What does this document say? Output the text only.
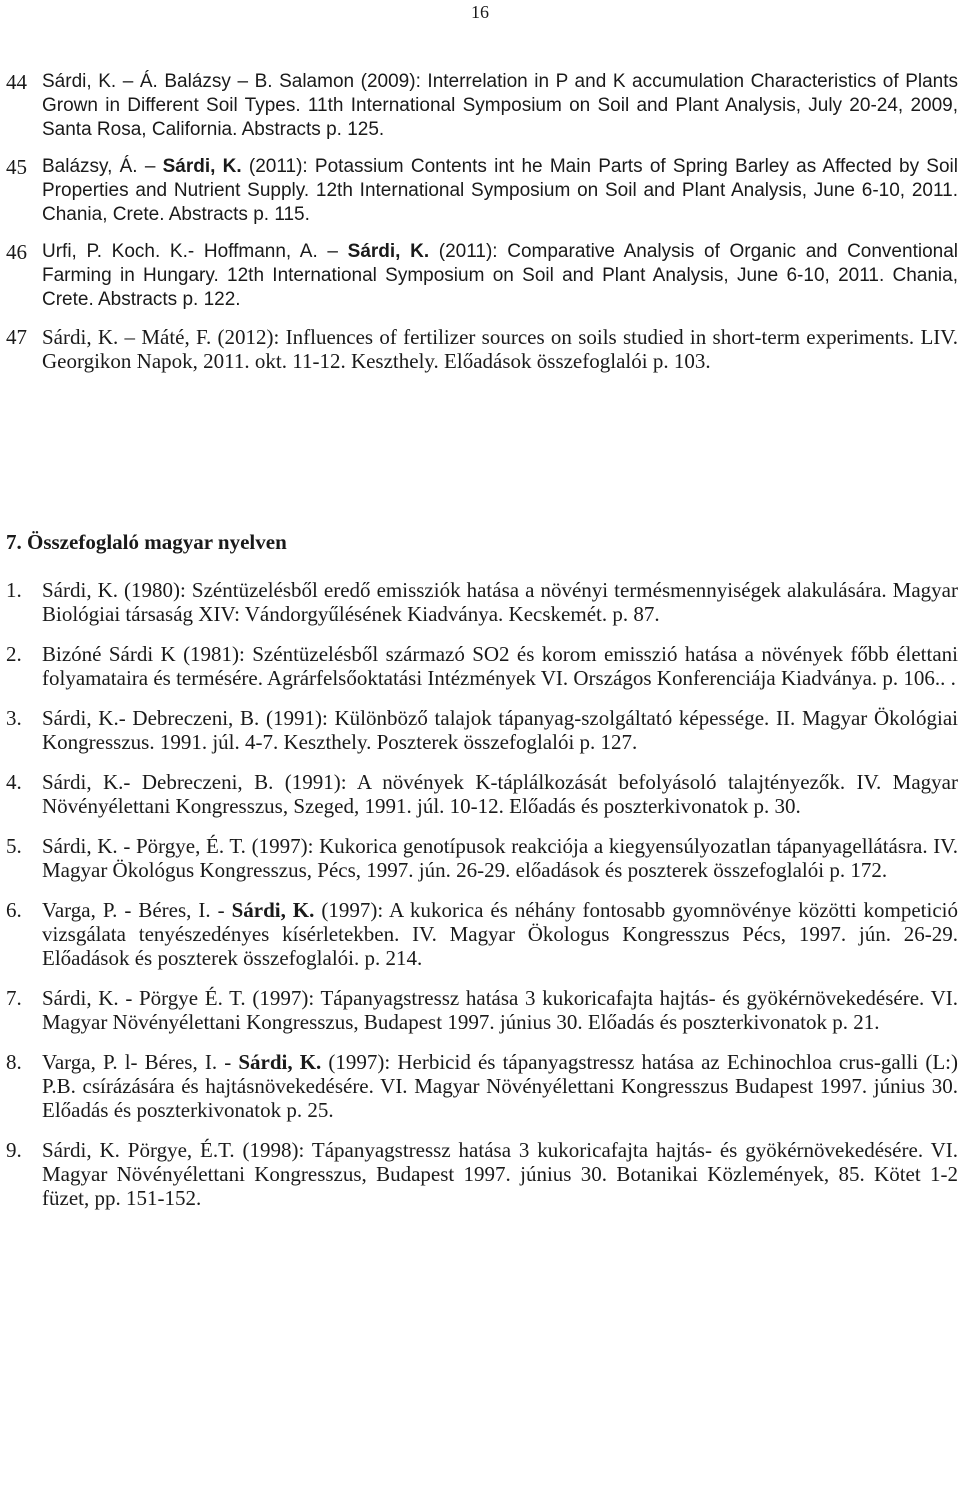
16
44 Sárdi, K. – Á. Balázsy – B. Salamon (2009): Interrelation in P and K accumulation Characteristics of Plants Grown in Different Soil Types. 11th International Symposium on Soil and Plant Analysis, July 20-24, 2009, Santa Rosa, California. Abstracts p. 125.
45 Balázsy, Á. – Sárdi, K. (2011): Potassium Contents int he Main Parts of Spring Barley as Affected by Soil Properties and Nutrient Supply. 12th International Symposium on Soil and Plant Analysis, June 6-10, 2011. Chania, Crete. Abstracts p. 115.
46 Urfi, P. Koch. K.- Hoffmann, A. – Sárdi, K. (2011): Comparative Analysis of Organic and Conventional Farming in Hungary. 12th International Symposium on Soil and Plant Analysis, June 6-10, 2011. Chania, Crete. Abstracts p. 122.
47 Sárdi, K. – Máté, F. (2012): Influences of fertilizer sources on soils studied in short-term experiments. LIV. Georgikon Napok, 2011. okt. 11-12. Keszthely. Előadások összefoglalói p. 103.
7. Összefoglaló magyar nyelven
1. Sárdi, K. (1980): Széntüzelésből eredő emissziók hatása a növényi termésmennyiségek alakulására. Magyar Biológiai társaság XIV: Vándorgyűlésének Kiadványa. Kecskemét. p. 87.
2. Bizóné Sárdi K (1981): Széntüzelésből származó SO2 és korom emisszió hatása a növények főbb élettani folyamataira és termésére. Agrárfelsőoktatási Intézmények VI. Országos Konferenciája Kiadványa. p. 106.. .
3. Sárdi, K.- Debreczeni, B. (1991): Különböző talajok tápanyag-szolgáltató képessége. II. Magyar Ökológiai Kongresszus. 1991. júl. 4-7. Keszthely. Poszterek összefoglalói p. 127.
4. Sárdi, K.- Debreczeni, B. (1991): A növények K-táplálkozását befolyásoló talajtényezők. IV. Magyar Növényélettani Kongresszus, Szeged, 1991. júl. 10-12. Előadás és poszterkivonatok p. 30.
5. Sárdi, K. - Pörgye, É. T. (1997): Kukorica genotípusok reakciója a kiegyensúlyozatlan tápanyagellátásra. IV. Magyar Ökológus Kongresszus, Pécs, 1997. jún. 26-29. előadások és poszterek összefoglalói p. 172.
6. Varga, P. - Béres, I. - Sárdi, K. (1997): A kukorica és néhány fontosabb gyomnövénye közötti kompetició vizsgálata tenyészedényes kísérletekben. IV. Magyar Ökologus Kongresszus Pécs, 1997. jún. 26-29. Előadások és poszterek összefoglalói. p. 214.
7. Sárdi, K. - Pörgye É. T. (1997): Tápanyagstressz hatása 3 kukoricafajta hajtás- és gyökérnövekedésére. VI. Magyar Növényélettani Kongresszus, Budapest 1997. június 30. Előadás és poszterkivonatok p. 21.
8. Varga, P. l- Béres, I. - Sárdi, K. (1997): Herbicid és tápanyagstressz hatása az Echinochloa crus-galli (L:) P.B. csírázására és hajtásnövekedésére. VI. Magyar Növényélettani Kongresszus Budapest 1997. június 30. Előadás és poszterkivonatok p. 25.
9. Sárdi, K. Pörgye, É.T. (1998): Tápanyagstressz hatása 3 kukoricafajta hajtás- és gyökérnövekedésére. VI. Magyar Növényélettani Kongresszus, Budapest 1997. június 30. Botanikai Közlemények, 85. Kötet 1-2 füzet, pp. 151-152.
